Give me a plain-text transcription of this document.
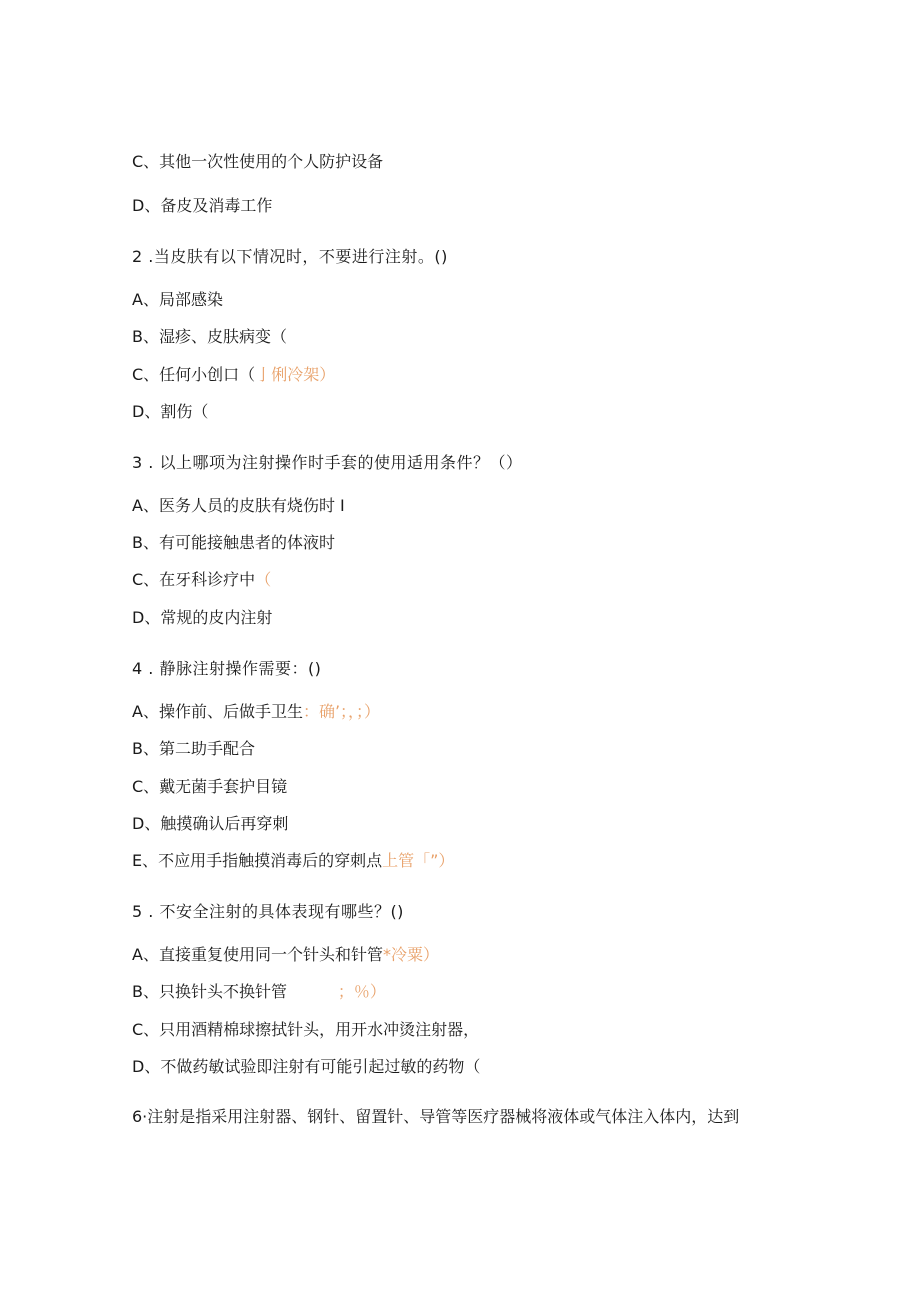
C、其他一次性使用的个人防护设备
D、备皮及消毒工作
2 .当皮肤有以下情况时，不要进行注射。()
A、局部感染
B、湿疹、皮肤病变（
C、任何小创口（亅俐冷架）
D、割伤（
3 . 以上哪项为注射操作时手套的使用适用条件？（）
A、医务人员的皮肤有烧伤时 I
B、有可能接触患者的体液时
C、在牙科诊疗中（
D、常规的皮内注射
4 . 静脉注射操作需要：()
A、操作前、后做手卫生：确’；，；）
B、第二助手配合
C、戴无菌手套护目镜
D、触摸确认后再穿刺
E、不应用手指触摸消毒后的穿刺点上管「”）
5 . 不安全注射的具体表现有哪些？()
A、直接重复使用同一个针头和针管*冷粟）
B、只换针头不换针管          ；％）
C、只用酒精棉球擦拭针头，用开水冲烫注射器，
D、不做药敏试验即注射有可能引起过敏的药物（
6·注射是指采用注射器、钢针、留置针、导管等医疗器械将液体或气体注入体内，达到
